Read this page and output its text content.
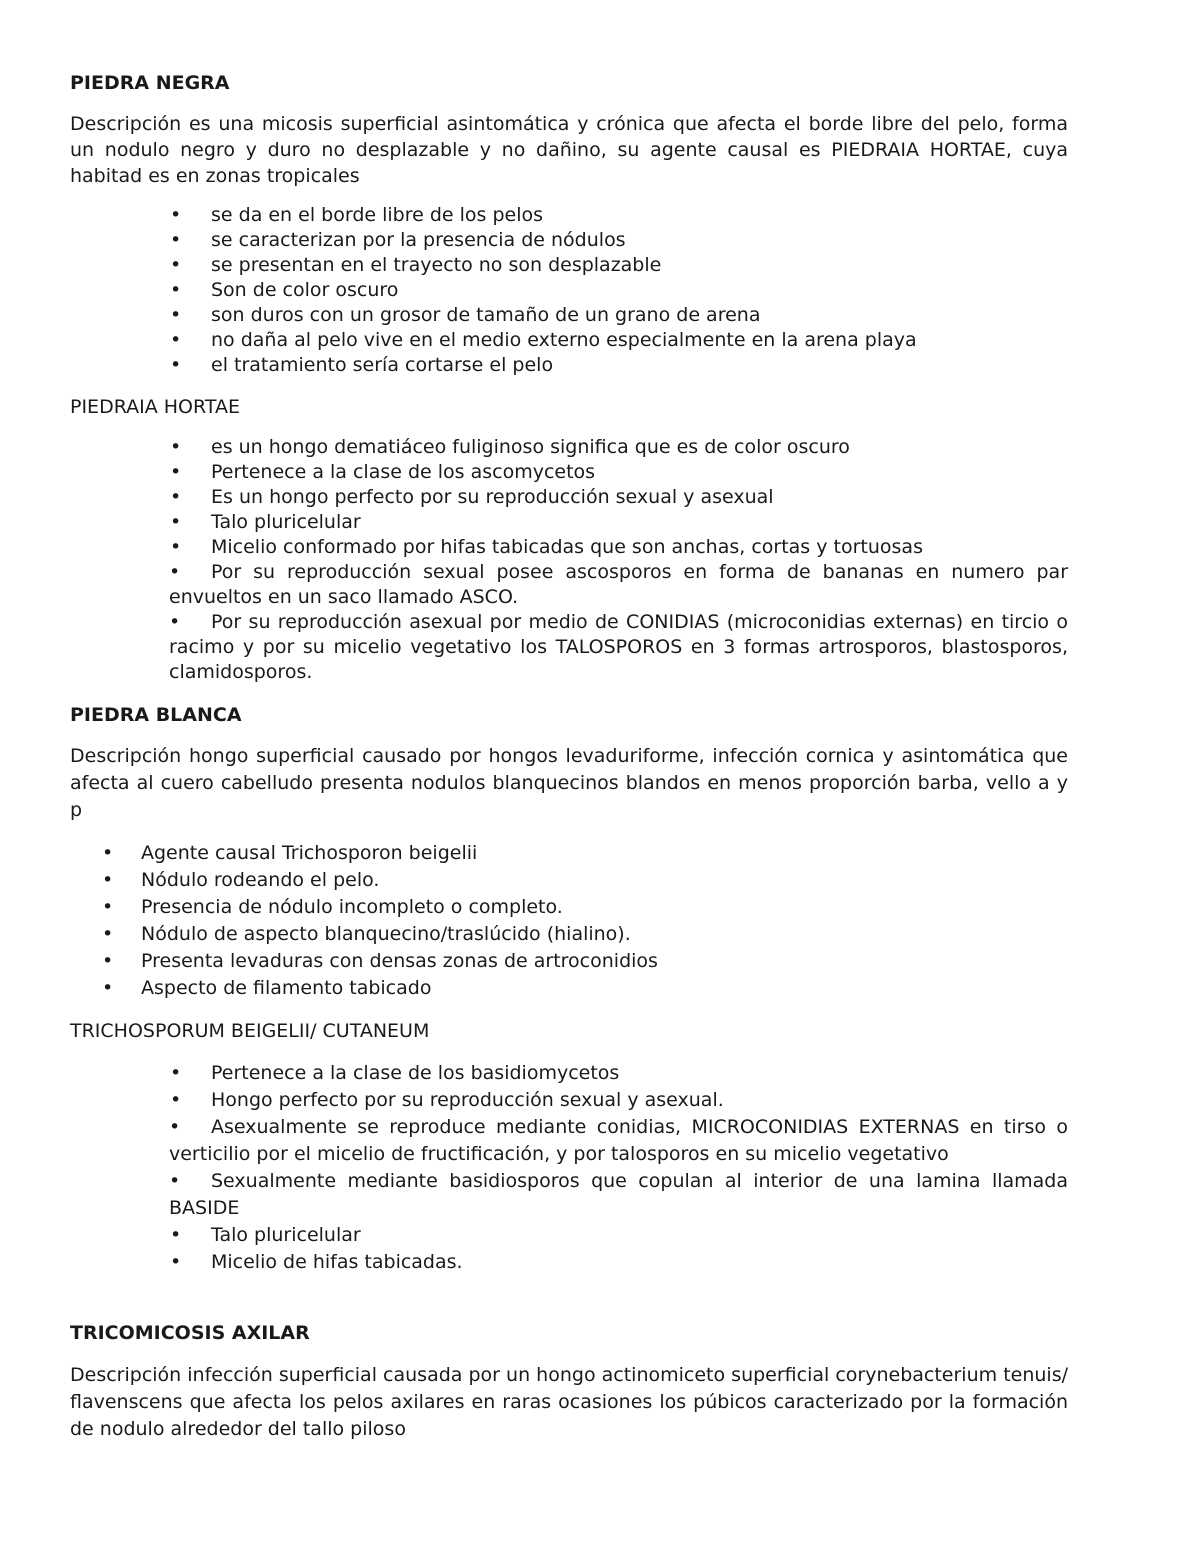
PIEDRA NEGRA

Descripción es una micosis superficial asintomática y crónica que afecta el borde libre del pelo, forma un nodulo negro y duro no desplazable y no dañino, su agente causal es PIEDRAIA HORTAE, cuya habitad es en zonas tropicales

• se da en el borde libre de los pelos
• se caracterizan por la presencia de nódulos
• se presentan en el trayecto no son desplazable
• Son de color oscuro
• son duros con un grosor de tamaño de un grano de arena
• no daña al pelo vive en el medio externo especialmente en la arena playa
• el tratamiento sería cortarse el pelo

PIEDRAIA HORTAE

• es un hongo dematiáceo fuliginoso significa que es de color oscuro
• Pertenece a la clase de los ascomycetos
• Es un hongo perfecto por su reproducción sexual y asexual
• Talo pluricelular
• Micelio conformado por hifas tabicadas que son anchas, cortas y tortuosas
• Por su reproducción sexual posee ascosporos en forma de bananas en numero par envueltos en un saco llamado ASCO.
• Por su reproducción asexual por medio de CONIDIAS (microconidias externas) en tircio o racimo y por su micelio vegetativo los TALOSPOROS en 3 formas artrosporos, blastosporos, clamidosporos.
PIEDRA BLANCA

Descripción hongo superficial causado por hongos levaduriforme, infección cornica y asintomática que afecta al cuero cabelludo presenta nodulos blanquecinos blandos en menos proporción barba, vello a y p

• Agente causal Trichosporon beigelii
• Nódulo rodeando el pelo.
• Presencia de nódulo incompleto o completo.
• Nódulo de aspecto blanquecino/traslúcido (hialino).
• Presenta levaduras con densas zonas de artroconidios
• Aspecto de filamento tabicado

TRICHOSPORUM BEIGELII/ CUTANEUM

• Pertenece a la clase de los basidiomycetos
• Hongo perfecto por su reproducción sexual y asexual.
• Asexualmente se reproduce mediante conidias, MICROCONIDIAS EXTERNAS en tirso o verticilio por el micelio de fructificación, y por talosporos en su micelio vegetativo
• Sexualmente mediante basidiosporos que copulan al interior de una lamina llamada BASIDE
• Talo pluricelular
• Micelio de hifas tabicadas.
TRICOMICOSIS AXILAR

Descripción infección superficial causada por un hongo actinomiceto superficial corynebacterium tenuis/ flavenscens que afecta los pelos axilares en raras ocasiones los púbicos caracterizado por la formación de nodulo alrededor del tallo piloso
